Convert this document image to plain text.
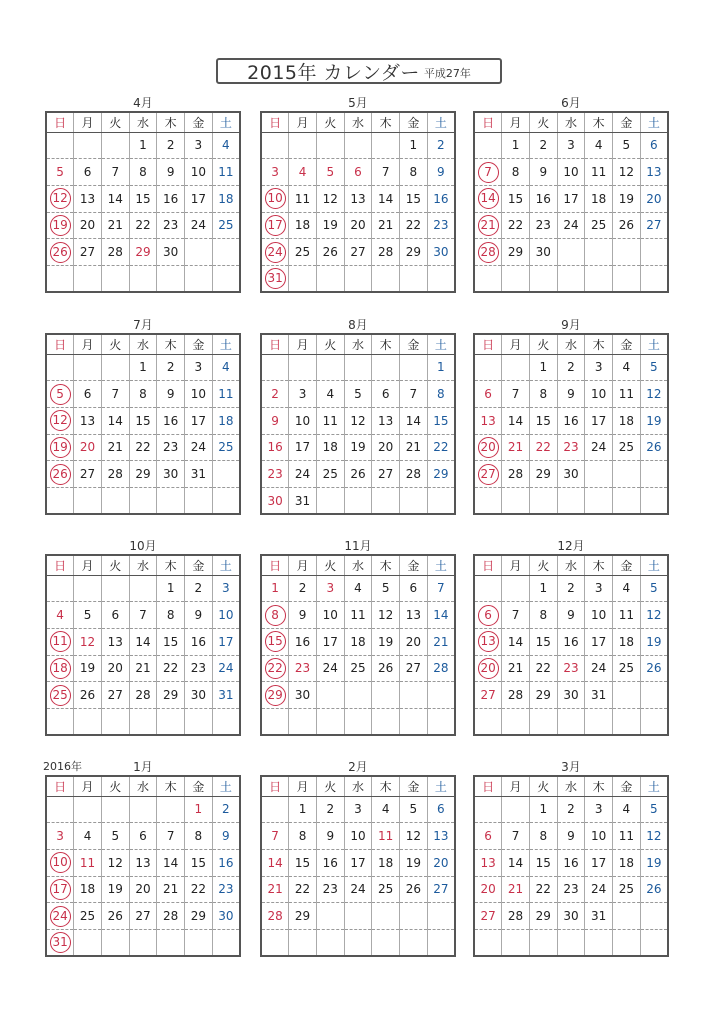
2015年 カレンダー 平成27年
4月
日	月	火	水	木	金	土
			1	2	3	4
5	6	7	8	9	10	11
12	13	14	15	16	17	18
19	20	21	22	23	24	25
26	27	28	29	30		

5月
日	月	火	水	木	金	土
					1	2
3	4	5	6	7	8	9
10	11	12	13	14	15	16
17	18	19	20	21	22	23
24	25	26	27	28	29	30
31						
6月
日	月	火	水	木	金	土
	1	2	3	4	5	6
7	8	9	10	11	12	13
14	15	16	17	18	19	20
21	22	23	24	25	26	27
28	29	30				

7月
日	月	火	水	木	金	土
			1	2	3	4
5	6	7	8	9	10	11
12	13	14	15	16	17	18
19	20	21	22	23	24	25
26	27	28	29	30	31	

8月
日	月	火	水	木	金	土
						1
2	3	4	5	6	7	8
9	10	11	12	13	14	15
16	17	18	19	20	21	22
23	24	25	26	27	28	29
30	31					
9月
日	月	火	水	木	金	土
		1	2	3	4	5
6	7	8	9	10	11	12
13	14	15	16	17	18	19
20	21	22	23	24	25	26
27	28	29	30			

10月
日	月	火	水	木	金	土
				1	2	3
4	5	6	7	8	9	10
11	12	13	14	15	16	17
18	19	20	21	22	23	24
25	26	27	28	29	30	31

11月
日	月	火	水	木	金	土
1	2	3	4	5	6	7
8	9	10	11	12	13	14
15	16	17	18	19	20	21
22	23	24	25	26	27	28
29	30					

12月
日	月	火	水	木	金	土
		1	2	3	4	5
6	7	8	9	10	11	12
13	14	15	16	17	18	19
20	21	22	23	24	25	26
27	28	29	30	31		

1月
2016年
日	月	火	水	木	金	土
					1	2
3	4	5	6	7	8	9
10	11	12	13	14	15	16
17	18	19	20	21	22	23
24	25	26	27	28	29	30
31						
2月
日	月	火	水	木	金	土
	1	2	3	4	5	6
7	8	9	10	11	12	13
14	15	16	17	18	19	20
21	22	23	24	25	26	27
28	29					

3月
日	月	火	水	木	金	土
		1	2	3	4	5
6	7	8	9	10	11	12
13	14	15	16	17	18	19
20	21	22	23	24	25	26
27	28	29	30	31		
